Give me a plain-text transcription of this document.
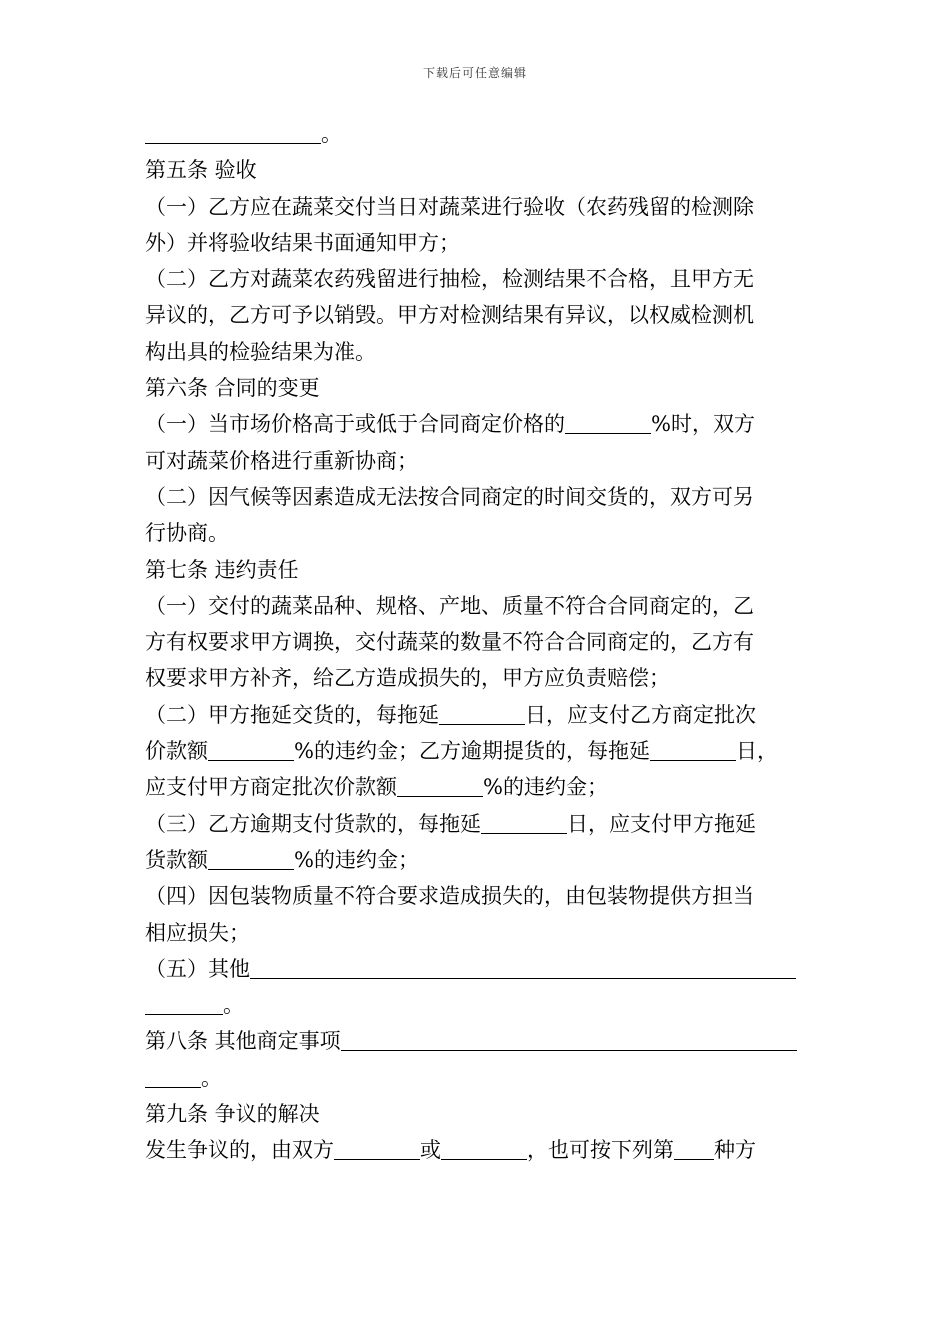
下载后可任意编辑
。
第五条 验收
（一）乙方应在蔬菜交付当日对蔬菜进行验收（农药残留的检测除
外）并将验收结果书面通知甲方；
（二）乙方对蔬菜农药残留进行抽检，检测结果不合格，且甲方无
异议的，乙方可予以销毁。甲方对检测结果有异议，以权威检测机
构出具的检验结果为准。
第六条 合同的变更
（一）当市场价格高于或低于合同商定价格的	%时，双方
可对蔬菜价格进行重新协商；
（二）因气候等因素造成无法按合同商定的时间交货的，双方可另
行协商。
第七条 违约责任
（一）交付的蔬菜品种、规格、产地、质量不符合合同商定的，乙
方有权要求甲方调换，交付蔬菜的数量不符合合同商定的，乙方有
权要求甲方补齐，给乙方造成损失的，甲方应负责赔偿；
（二）甲方拖延交货的，每拖延	日，应支付乙方商定批次
价款额	%的违约金；乙方逾期提货的，每拖延	日，
应支付甲方商定批次价款额	%的违约金；
（三）乙方逾期支付货款的，每拖延	日，应支付甲方拖延
货款额	%的违约金；
（四）因包装物质量不符合要求造成损失的，由包装物提供方担当
相应损失；
（五）其他
。
第八条 其他商定事项
。
第九条 争议的解决
发生争议的，由双方	或	，也可按下列第 种方
